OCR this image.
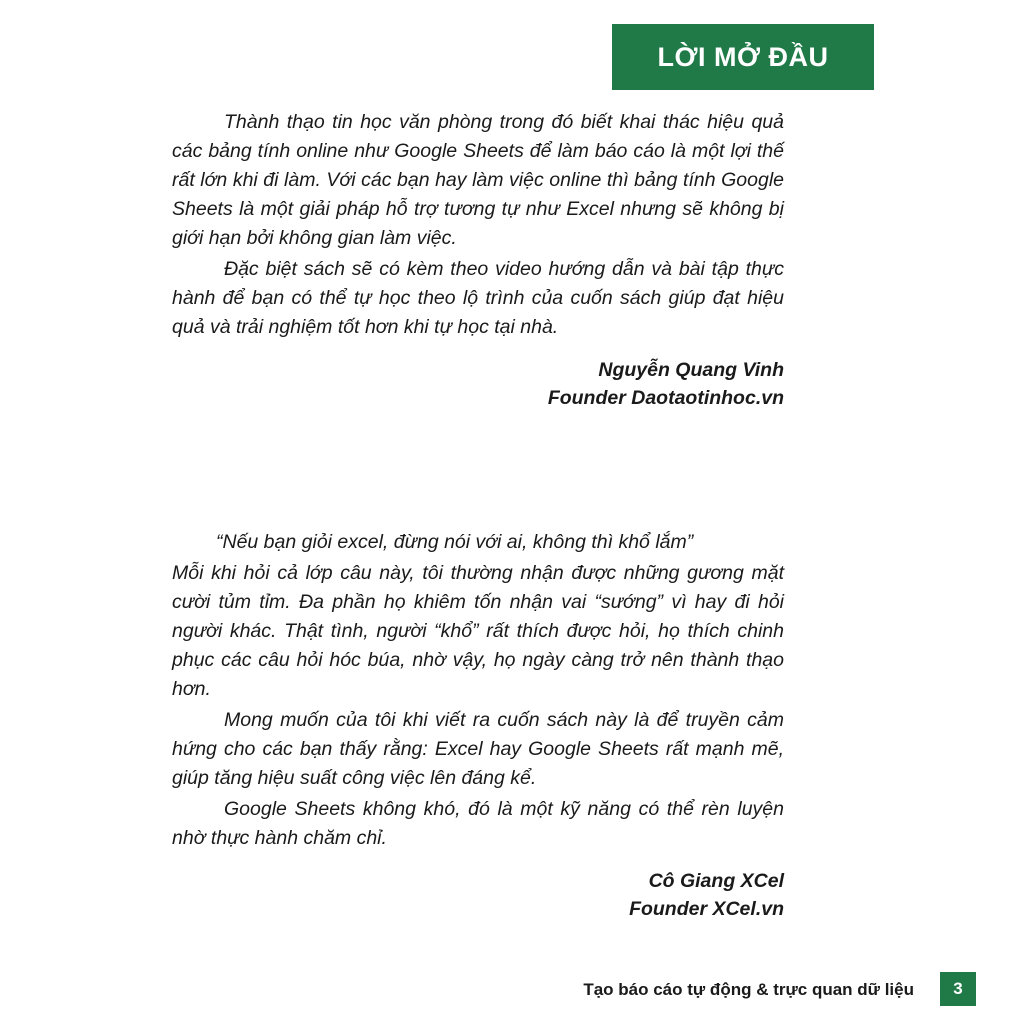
LỜI MỞ ĐẦU

Thành thạo tin học văn phòng trong đó biết khai thác hiệu quả các bảng tính online như Google Sheets để làm báo cáo là một lợi thế rất lớn khi đi làm. Với các bạn hay làm việc online thì bảng tính Google Sheets là một giải pháp hỗ trợ tương tự như Excel nhưng sẽ không bị giới hạn bởi không gian làm việc.

Đặc biệt sách sẽ có kèm theo video hướng dẫn và bài tập thực hành để bạn có thể tự học theo lộ trình của cuốn sách giúp đạt hiệu quả và trải nghiệm tốt hơn khi tự học tại nhà.

Nguyễn Quang Vinh
Founder Daotaotinhoc.vn

“Nếu bạn giỏi excel, đừng nói với ai, không thì khổ lắm”

Mỗi khi hỏi cả lớp câu này, tôi thường nhận được những gương mặt cười tủm tỉm. Đa phần họ khiêm tốn nhận vai “sướng” vì hay đi hỏi người khác. Thật tình, người “khổ” rất thích được hỏi, họ thích chinh phục các câu hỏi hóc búa, nhờ vậy, họ ngày càng trở nên thành thạo hơn.

Mong muốn của tôi khi viết ra cuốn sách này là để truyền cảm hứng cho các bạn thấy rằng: Excel hay Google Sheets rất mạnh mẽ, giúp tăng hiệu suất công việc lên đáng kể.

Google Sheets không khó, đó là một kỹ năng có thể rèn luyện nhờ thực hành chăm chỉ.

Cô Giang XCel
Founder XCel.vn
Tạo báo cáo tự động & trực quan dữ liệu	3
